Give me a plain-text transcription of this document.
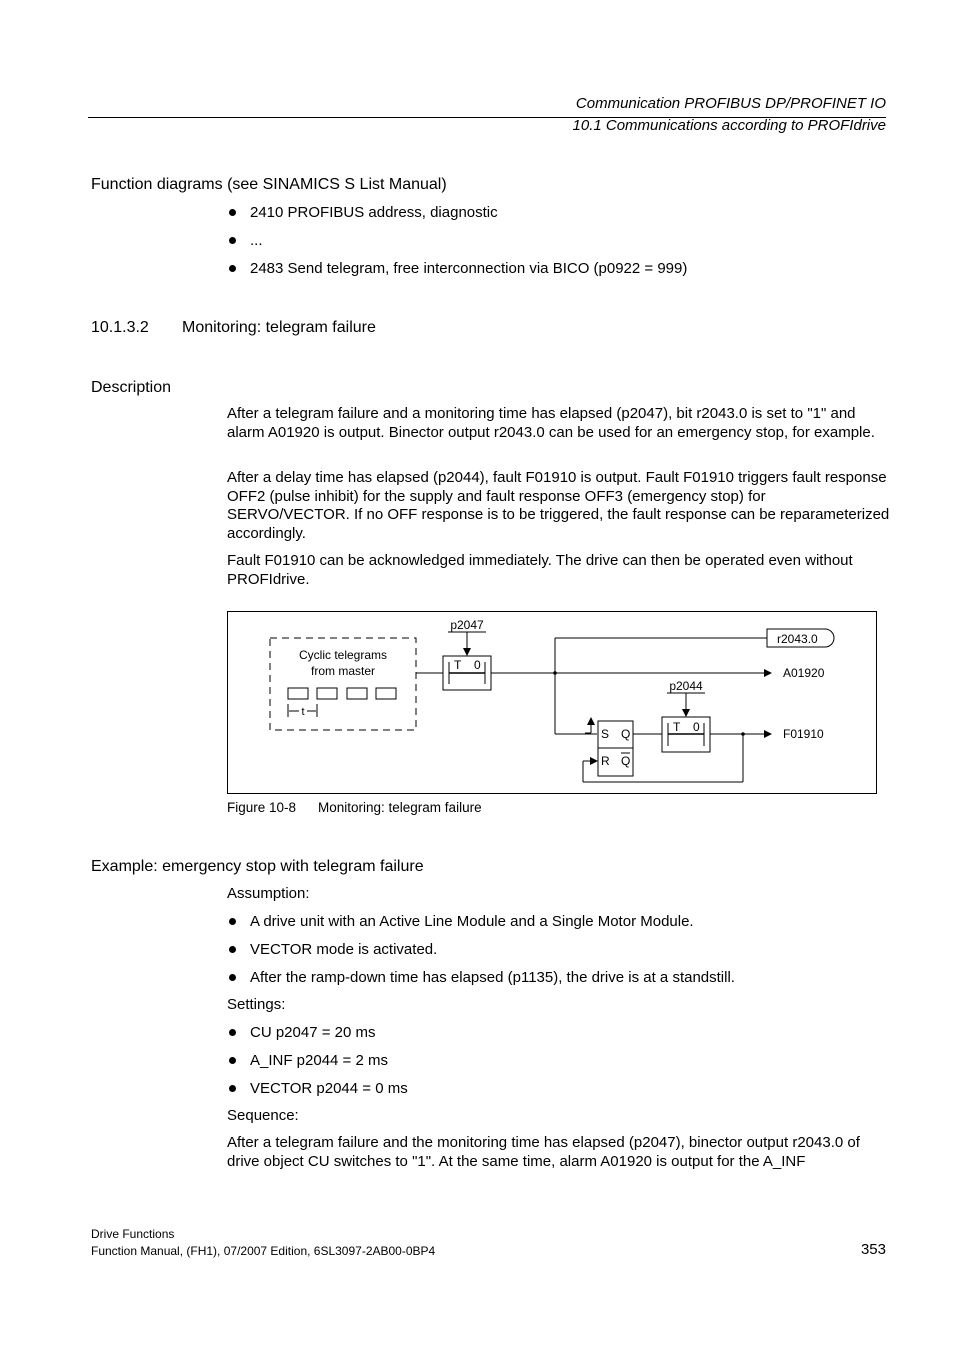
Communication PROFIBUS DP/PROFINET IO
10.1 Communications according to PROFIdrive
Function diagrams (see SINAMICS S List Manual)
2410 PROFIBUS address, diagnostic
...
2483 Send telegram, free interconnection via BICO (p0922 = 999)
10.1.3.2 Monitoring: telegram failure
Description

After a telegram failure and a monitoring time has elapsed (p2047), bit r2043.0 is set to "1" and alarm A01920 is output. Binector output r2043.0 can be used for an emergency stop, for example.

After a delay time has elapsed (p2044), fault F01910 is output. Fault F01910 triggers fault response OFF2 (pulse inhibit) for the supply and fault response OFF3 (emergency stop) for SERVO/VECTOR. If no OFF response is to be triggered, the fault response can be reparameterized accordingly.

Fault F01910 can be acknowledged immediately. The drive can then be operated even without PROFIdrive.

Cyclic telegrams
from master
t
p2047
T 0
A01920
r2043.0
S Q
R Q
p2044
T 0	F01910
Figure 10-8 Monitoring: telegram failure
Example: emergency stop with telegram failure
Assumption:
A drive unit with an Active Line Module and a Single Motor Module.
VECTOR mode is activated.
After the ramp-down time has elapsed (p1135), the drive is at a standstill.
Settings:
CU p2047 = 20 ms
A_INF p2044 = 2 ms
VECTOR p2044 = 0 ms
Sequence:

After a telegram failure and the monitoring time has elapsed (p2047), binector output r2043.0 of drive object CU switches to "1". At the same time, alarm A01920 is output for the A_INF

Drive Functions
Function Manual, (FH1), 07/2007 Edition, 6SL3097-2AB00-0BP4	353
